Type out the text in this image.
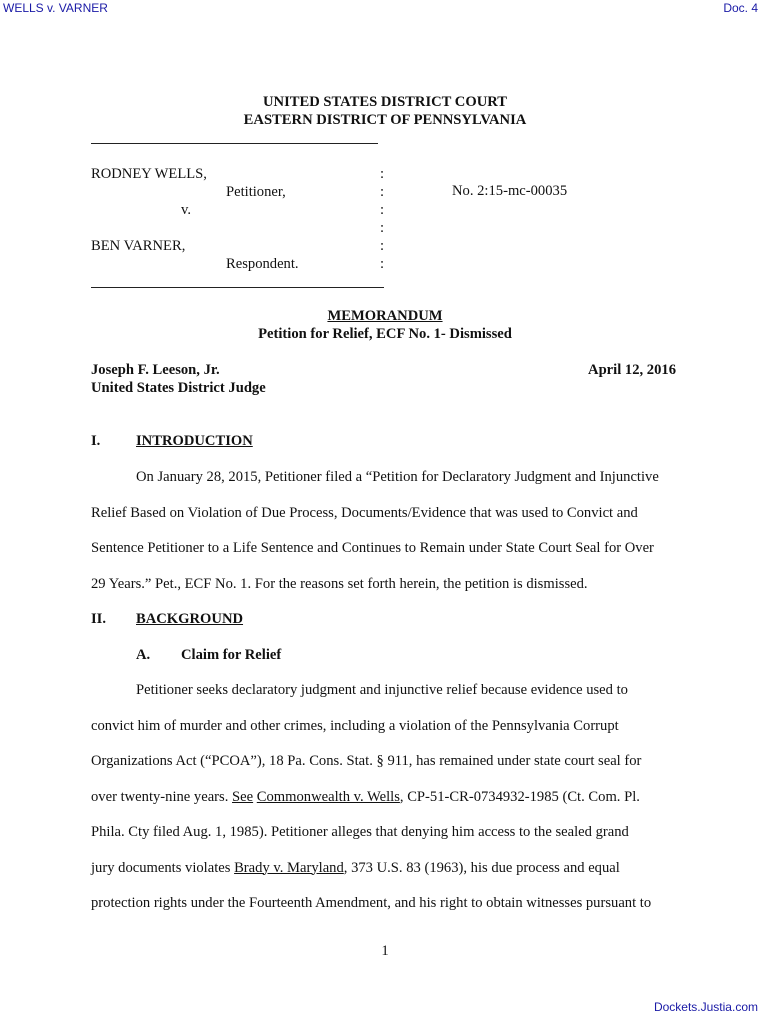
WELLS v. VARNER	Doc. 4
UNITED STATES DISTRICT COURT
EASTERN DISTRICT OF PENNSYLVANIA
RODNEY WELLS,
Petitioner,
v.

BEN VARNER,
Respondent.
:
:
:
:
:
:
No. 2:15-mc-00035
MEMORANDUM
Petition for Relief, ECF No. 1- Dismissed
Joseph F. Leeson, Jr.
United States District Judge
April 12, 2016
I. INTRODUCTION
On January 28, 2015, Petitioner filed a “Petition for Declaratory Judgment and Injunctive
Relief Based on Violation of Due Process, Documents/Evidence that was used to Convict and
Sentence Petitioner to a Life Sentence and Continues to Remain under State Court Seal for Over
29 Years.” Pet., ECF No. 1. For the reasons set forth herein, the petition is dismissed.
II. BACKGROUND
A. Claim for Relief
Petitioner seeks declaratory judgment and injunctive relief because evidence used to
convict him of murder and other crimes, including a violation of the Pennsylvania Corrupt
Organizations Act (“PCOA”), 18 Pa. Cons. Stat. § 911, has remained under state court seal for
over twenty-nine years. See Commonwealth v. Wells, CP-51-CR-0734932-1985 (Ct. Com. Pl.
Phila. Cty filed Aug. 1, 1985). Petitioner alleges that denying him access to the sealed grand
jury documents violates Brady v. Maryland, 373 U.S. 83 (1963), his due process and equal
protection rights under the Fourteenth Amendment, and his right to obtain witnesses pursuant to
1
Dockets.Justia.com
